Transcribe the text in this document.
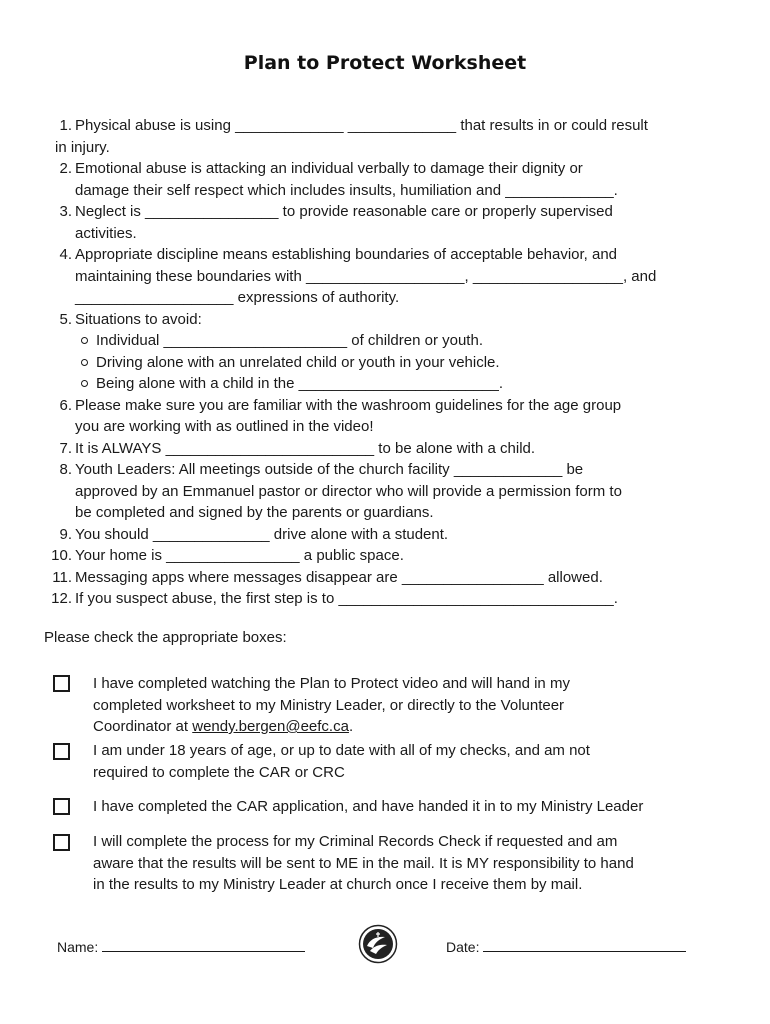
Plan to Protect Worksheet
1. Physical abuse is using _____________ _____________ that results in or could result
in injury.
2. Emotional abuse is attacking an individual verbally to damage their dignity or
damage their self respect which includes insults, humiliation and _____________.
3. Neglect is ________________ to provide reasonable care or properly supervised
activities.
4. Appropriate discipline means establishing boundaries of acceptable behavior, and
maintaining these boundaries with ___________________, __________________, and
___________________ expressions of authority.
5. Situations to avoid:
Individual ______________________ of children or youth.
Driving alone with an unrelated child or youth in your vehicle.
Being alone with a child in the ________________________.
6. Please make sure you are familiar with the washroom guidelines for the age group
you are working with as outlined in the video!
7. It is ALWAYS _________________________ to be alone with a child.
8. Youth Leaders: All meetings outside of the church facility _____________ be
approved by an Emmanuel pastor or director who will provide a permission form to
be completed and signed by the parents or guardians.
9. You should ______________ drive alone with a student.
10. Your home is ________________ a public space.
11. Messaging apps where messages disappear are _________________ allowed.
12. If you suspect abuse, the first step is to _________________________________.
Please check the appropriate boxes:
I have completed watching the Plan to Protect video and will hand in my
completed worksheet to my Ministry Leader, or directly to the Volunteer
Coordinator at wendy.bergen@eefc.ca.
I am under 18 years of age, or up to date with all of my checks, and am not
required to complete the CAR or CRC
I have completed the CAR application, and have handed it in to my Ministry Leader
I will complete the process for my Criminal Records Check if requested and am
aware that the results will be sent to ME in the mail. It is MY responsibility to hand
in the results to my Ministry Leader at church once I receive them by mail.
Name:	Date:
